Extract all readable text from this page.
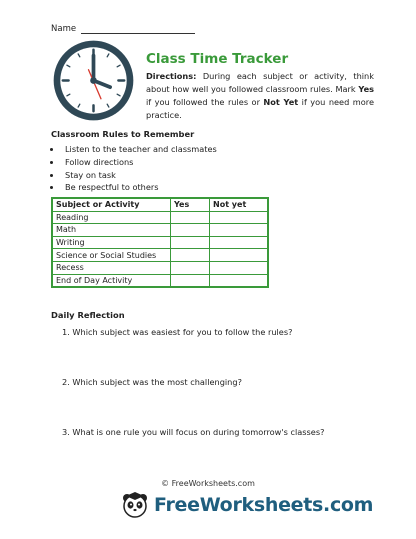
Name
Class Time Tracker
Directions: During each subject or activity, think about how well you followed classroom rules. Mark Yes if you followed the rules or Not Yet if you need more practice.
Classroom Rules to Remember
• Listen to the teacher and classmates
• Follow directions
• Stay on task
• Be respectful to others
Subject or Activity	Yes	Not yet
Reading		
Math		
Writing		
Science or Social Studies		
Recess		
End of Day Activity		
Daily Reflection
1. Which subject was easiest for you to follow the rules?
2. Which subject was the most challenging?
3. What is one rule you will focus on during tomorrow's classes?
© FreeWorksheets.com
FreeWorksheets.com
